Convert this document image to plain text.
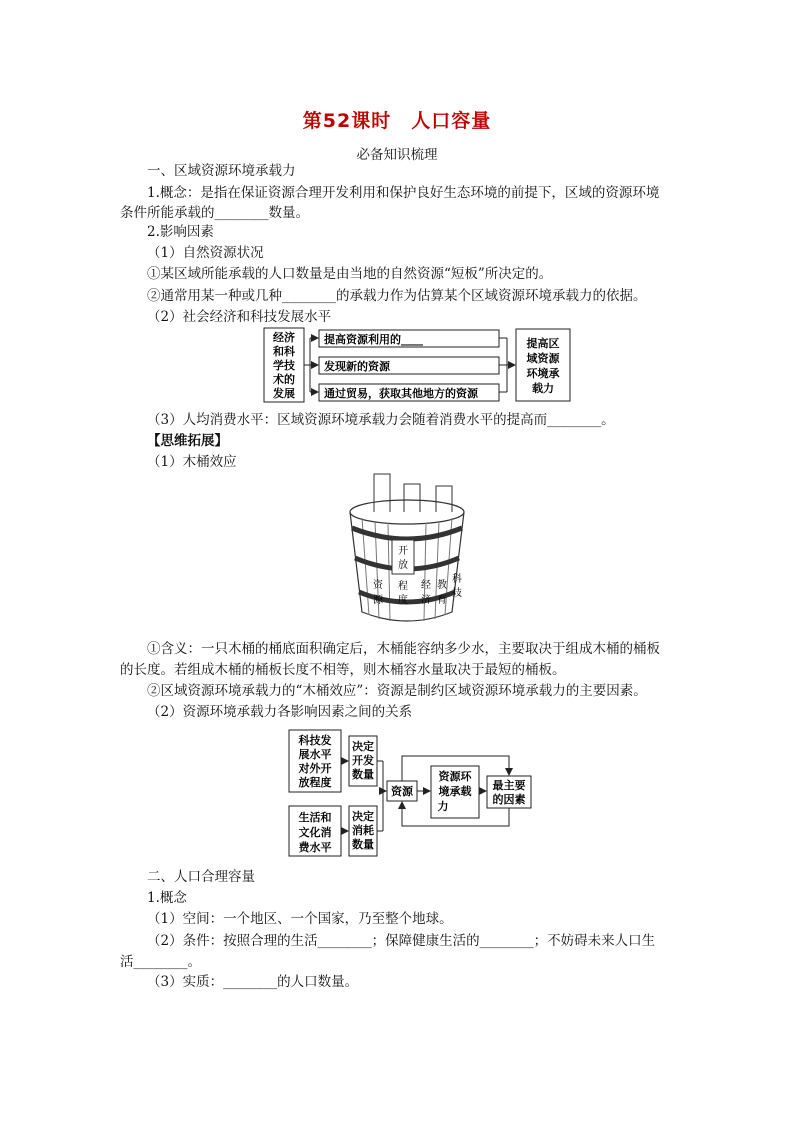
第52课时　人口容量
必备知识梳理
一、区域资源环境承载力
1.概念：是指在保证资源合理开发利用和保护良好生态环境的前提下，区域的资源环境
条件所能承载的________数量。
2.影响因素
（1）自然资源状况
①某区域所能承载的人口数量是由当地的自然资源“短板”所决定的。
②通常用某一种或几种________的承载力作为估算某个区域资源环境承载力的依据。
（2）社会经济和科技发展水平
经济
和科
学技
术的
发展
提高资源利用的____
发现新的资源
通过贸易，获取其他地方的资源
提高区
域资源
环境承
载力
（3）人均消费水平：区域资源环境承载力会随着消费水平的提高而________。
【思维拓展】
（1）木桶效应
开
放
程
度
资
源
经
济
教
育
科
技
①含义：一只木桶的桶底面积确定后，木桶能容纳多少水，主要取决于组成木桶的桶板
的长度。若组成木桶的桶板长度不相等，则木桶容水量取决于最短的桶板。
②区域资源环境承载力的“木桶效应”：资源是制约区域资源环境承载力的主要因素。
（2）资源环境承载力各影响因素之间的关系
科技发
展水平
对外开
放程度
决定
开发
数量
生活和
文化消
费水平
决定
消耗
数量
资源
资源环
境承载
力
最主要
的因素
二、人口合理容量
1.概念
（1）空间：一个地区、一个国家，乃至整个地球。
（2）条件：按照合理的生活________；保障健康生活的________；不妨碍未来人口生
活________。
（3）实质：________的人口数量。
